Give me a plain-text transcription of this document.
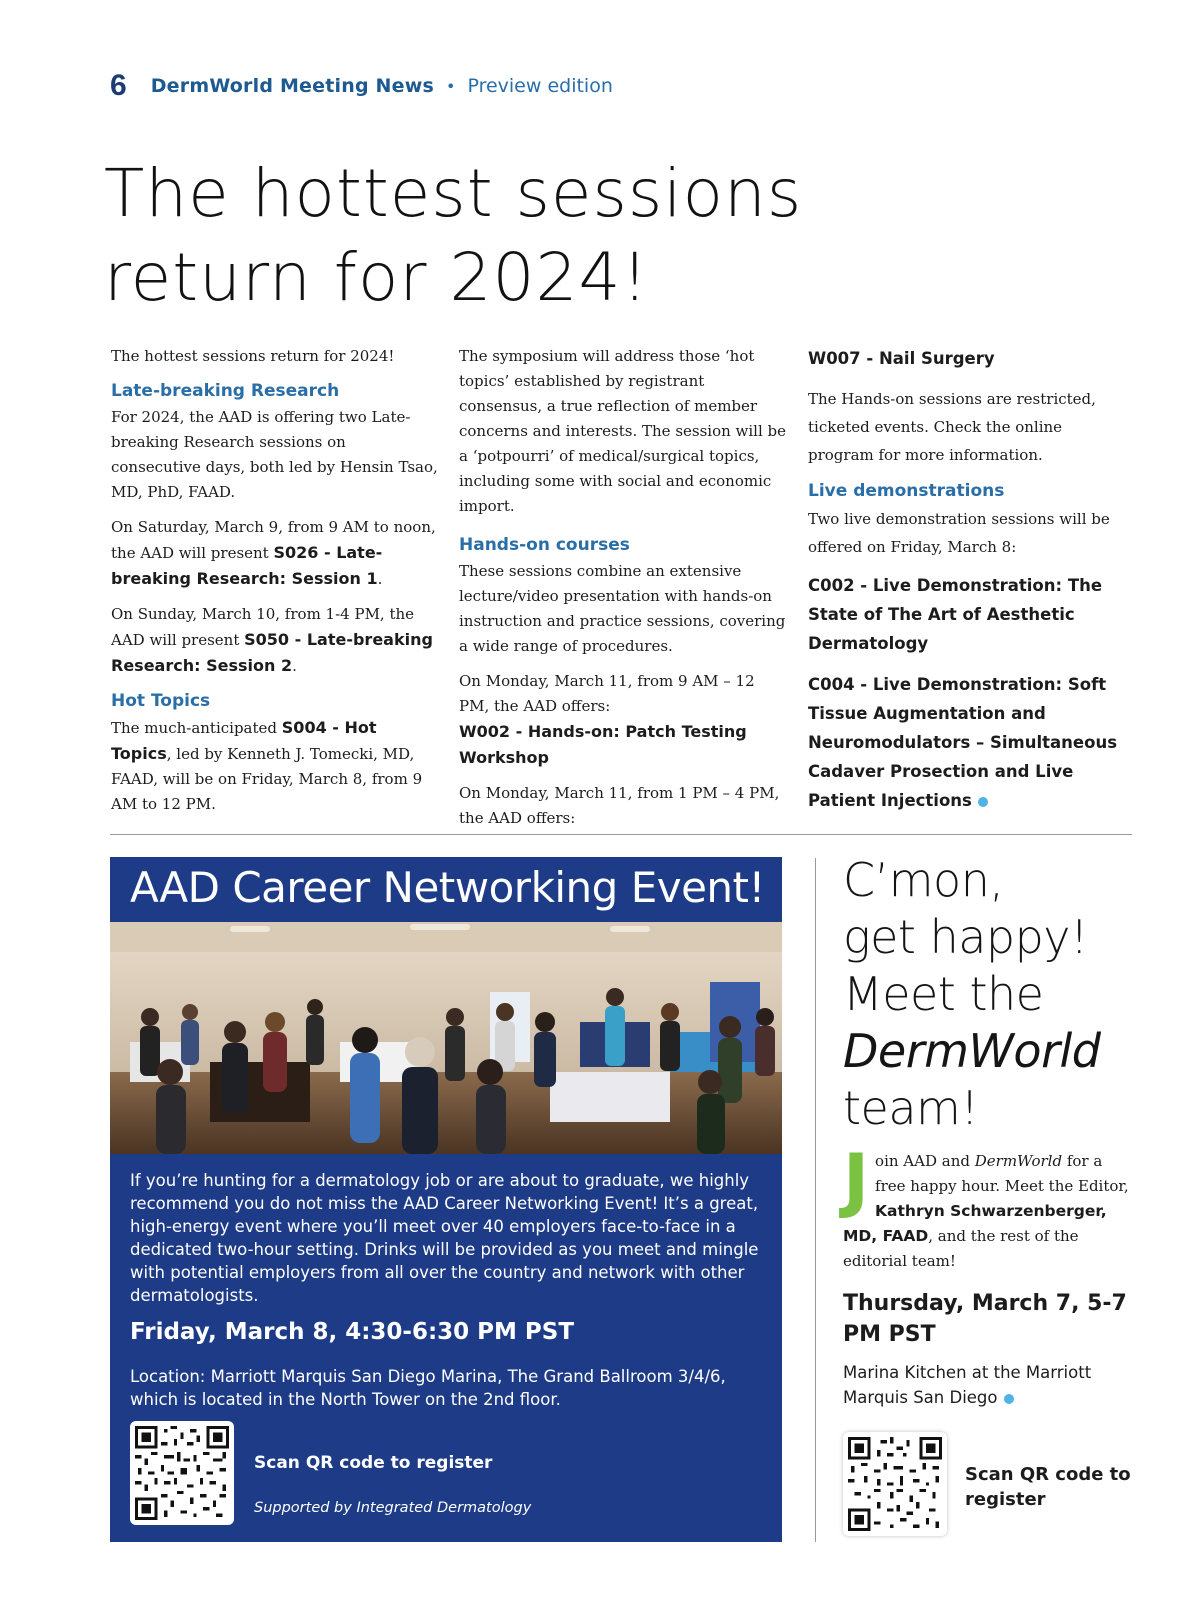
6 DermWorld Meeting News • Preview edition
The hottest sessions
return for 2024!

The hottest sessions return for 2024!

Late-breaking Research

For 2024, the AAD is offering two Late-breaking Research sessions on consecutive days, both led by Hensin Tsao, MD, PhD, FAAD.

On Saturday, March 9, from 9 AM to noon, the AAD will present S026 - Late-breaking Research: Session 1.

On Sunday, March 10, from 1-4 PM, the AAD will present S050 - Late-breaking Research: Session 2.

Hot Topics

The much-anticipated S004 - Hot Topics, led by Kenneth J. Tomecki, MD, FAAD, will be on Friday, March 8, from 9 AM to 12 PM.

The symposium will address those ‘hot topics’ established by registrant consensus, a true reflection of member concerns and interests. The session will be a ‘potpourri’ of medical/surgical topics, including some with social and economic import.

Hands-on courses

These sessions combine an extensive lecture/video presentation with hands-on instruction and practice sessions, covering a wide range of procedures.

On Monday, March 11, from 9 AM – 12 PM, the AAD offers:
W002 - Hands-on: Patch Testing Workshop

On Monday, March 11, from 1 PM – 4 PM, the AAD offers:

W007 - Nail Surgery

The Hands-on sessions are restricted, ticketed events. Check the online program for more information.

Live demonstrations

Two live demonstration sessions will be offered on Friday, March 8:

C002 - Live Demonstration: The State of The Art of Aesthetic Dermatology
C004 - Live Demonstration: Soft Tissue Augmentation and Neuromodulators – Simultaneous Cadaver Prosection and Live Patient Injections
AAD Career Networking Event!
If you’re hunting for a dermatology job or are about to graduate, we highly recommend you do not miss the AAD Career Networking Event! It’s a great, high-energy event where you’ll meet over 40 employers face-to-face in a dedicated two-hour setting. Drinks will be provided as you meet and mingle with potential employers from all over the country and network with other dermatologists.
Friday, March 8, 4:30-6:30 PM PST
Location: Marriott Marquis San Diego Marina, The Grand Ballroom 3/4/6, which is located in the North Tower on the 2nd floor.
Scan QR code to register
Supported by Integrated Dermatology
C’mon,
get happy!
Meet the
DermWorld
team!
Join AAD and DermWorld for a free happy hour. Meet the Editor, Kathryn Schwarzenberger, MD, FAAD, and the rest of the editorial team!
Thursday, March 7, 5-7 PM PST
Marina Kitchen at the Marriott Marquis San Diego
Scan QR code to register
